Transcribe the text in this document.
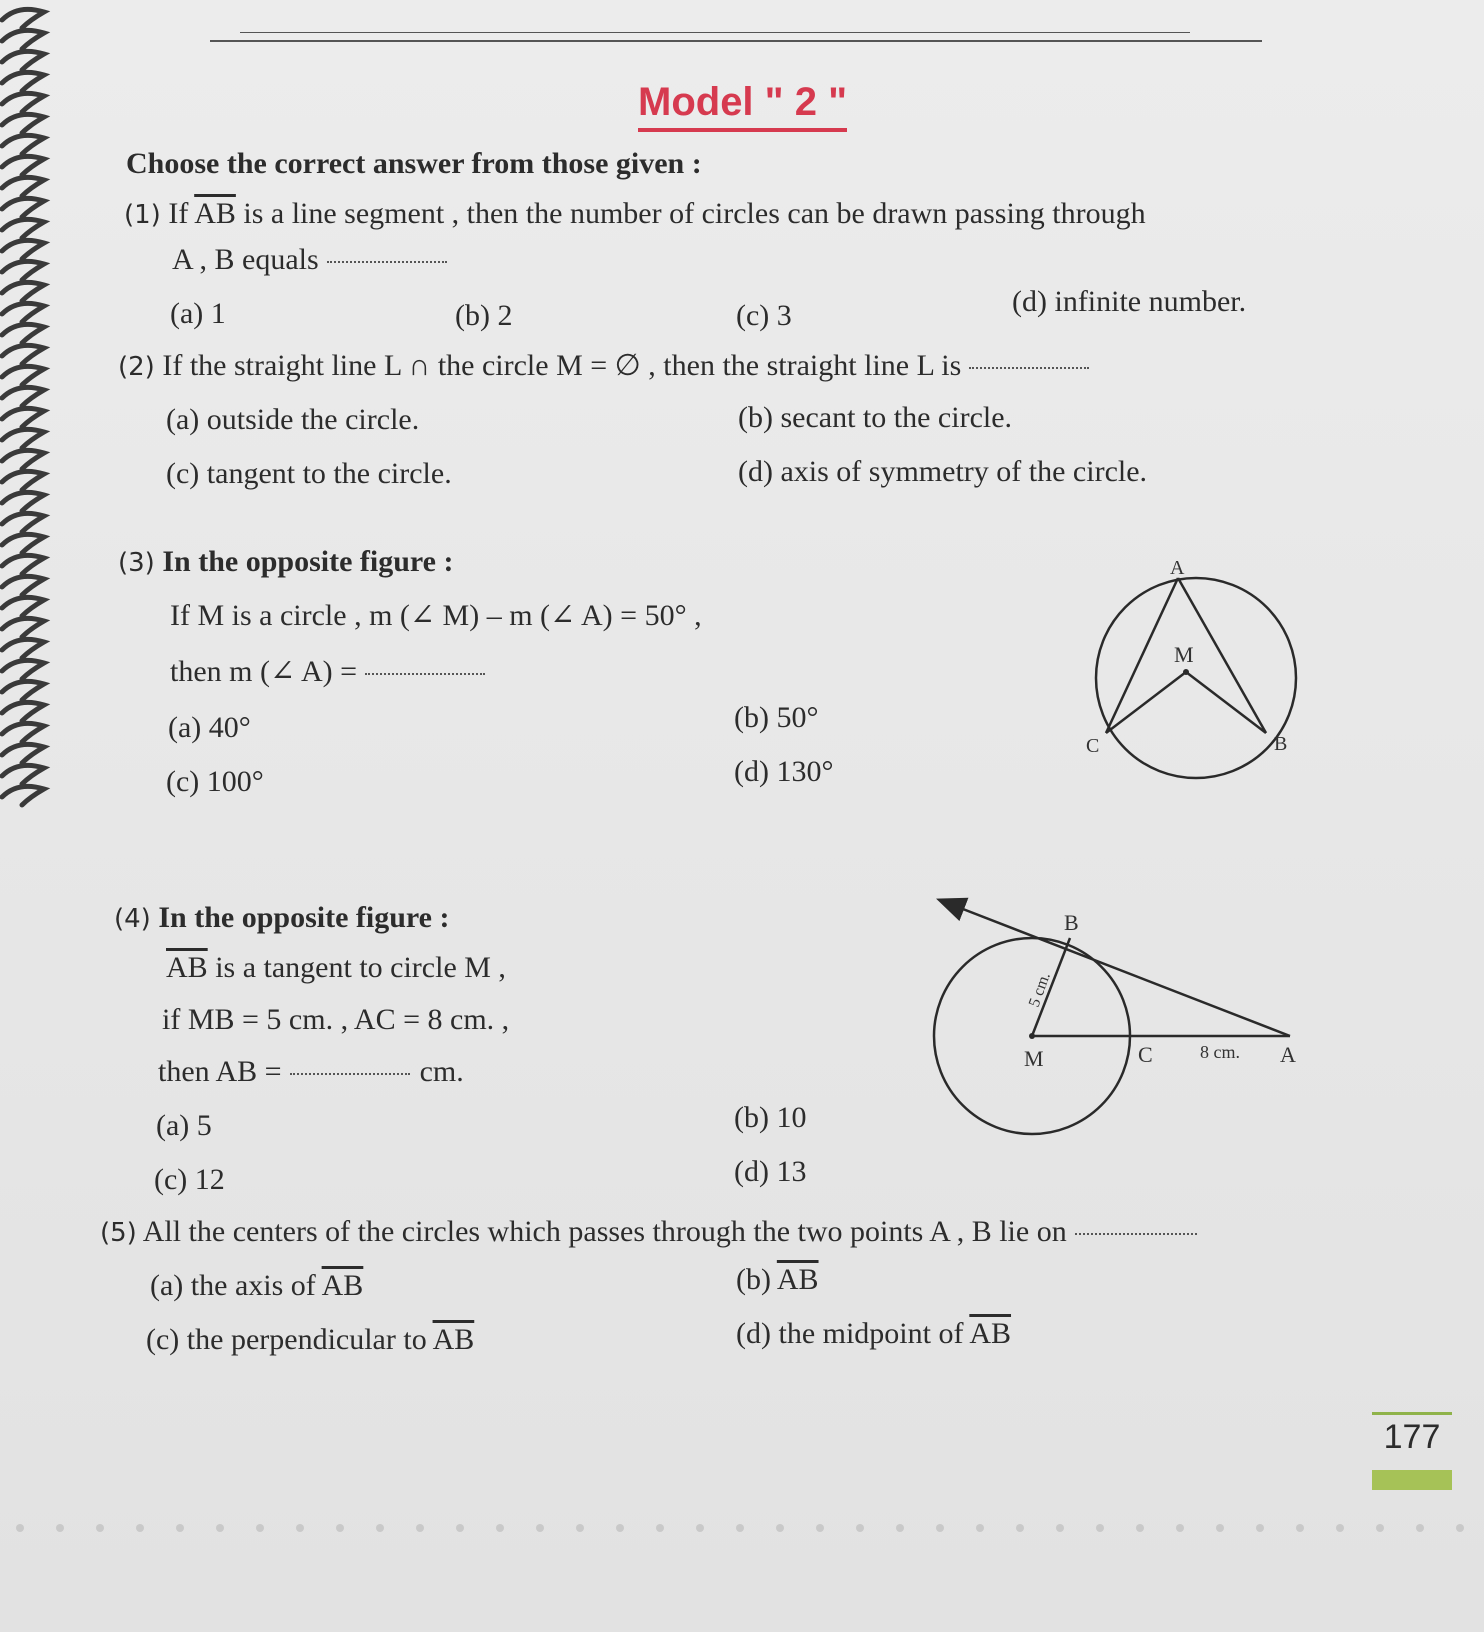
Model " 2 "
Choose the correct answer from those given :
(1) If $\overline{AB}$ is a line segment , then the number of circles can be drawn passing through
A , B equals
(a) 1	(b) 2	(c) 3	(d) infinite number.
(2) If the straight line L ∩ the circle M = ∅ , then the straight line L is
(a) outside the circle.	(b) secant to the circle.
(c) tangent to the circle.	(d) axis of symmetry of the circle.
(3) In the opposite figure :
If M is a circle , m (∠ M) – m (∠ A) = 50° ,
then m (∠ A) =
(a) 40°	(b) 50°
(c) 100°	(d) 130°
A
M
C	B
(4) In the opposite figure :
$\overline{AB}$ is a tangent to circle M ,
if MB = 5 cm. , AC = 8 cm. ,
then AB =	cm.
(a) 5	(b) 10
(c) 12	(d) 13
B
M	C	A
8 cm.
5 cm.
(5) All the centers of the circles which passes through the two points A , B lie on
(a) the axis of $\overline{AB}$	(b) $\overline{AB}$
(c) the perpendicular to $\overline{AB}$	(d) the midpoint of $\overline{AB}$
177
